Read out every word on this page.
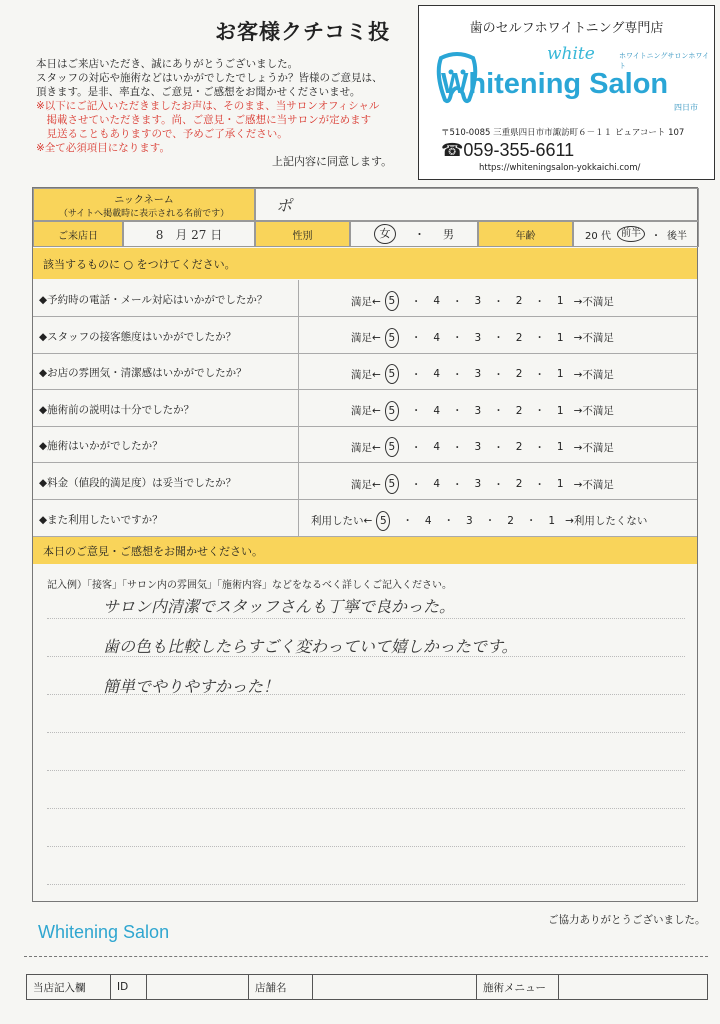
お客様クチコミ投
本日はご来店いただき、誠にありがとうございました。
スタッフの対応や施術などはいかがでしたでしょうか？皆様のご意見は、
頂きます。是非、率直な、ご意見・ご感想をお聞かせくださいませ。
※以下にご記入いただきましたお声は、そのまま、当サロンオフィシャル
　掲載させていただきます。尚、ご意見・ご感想に当サロンが定めます
　見送ることもありますので、予めご了承ください。
※全て必須項目になります。
上記内容に同意します。
歯のセルフホワイトニング専門店
white	ホワイトニングサロンホワイト
Whitening Salon
四日市
〒510-0085 三重県四日市市諏訪町６－１１ ピュアコート 107
☎059-355-6611
https://whiteningsalon-yokkaichi.com/
ニックネーム
（サイトへ掲載時に表示される名前です）	ポ
ご来店日	8　月 27 日	性別	女	・ 男	年齢	20 代	前半	・ 後半
該当するものに ○ をつけてください。
◆予約時の電話・メール対応はいかがでしたか？	満足← 5	・ 4 ・ 3 ・ 2 ・ 1 →不満足
◆スタッフの接客態度はいかがでしたか？	満足← 5	・ 4 ・ 3 ・ 2 ・ 1 →不満足
◆お店の雰囲気・清潔感はいかがでしたか？	満足← 5	・ 4 ・ 3 ・ 2 ・ 1 →不満足
◆施術前の説明は十分でしたか？	満足← 5	・ 4 ・ 3 ・ 2 ・ 1 →不満足
◆施術はいかがでしたか？	満足← 5	・ 4 ・ 3 ・ 2 ・ 1 →不満足
◆料金（値段的満足度）は妥当でしたか？	満足← 5	・ 4 ・ 3 ・ 2 ・ 1 →不満足
◆また利用したいですか？	利用したい← 5	・ 4 ・ 3 ・ 2 ・ 1 →利用したくない
本日のご意見・ご感想をお聞かせください。
記入例）「接客」「サロン内の雰囲気」「施術内容」などをなるべく詳しくご記入ください。
サロン内清潔でスタッフさんも丁寧で良かった。
歯の色も比較したらすごく変わっていて嬉しかったです。
簡単でやりやすかった！
Whitening Salon
ご協力ありがとうございました。
当店記入欄	ID	店舗名	施術メニュー
